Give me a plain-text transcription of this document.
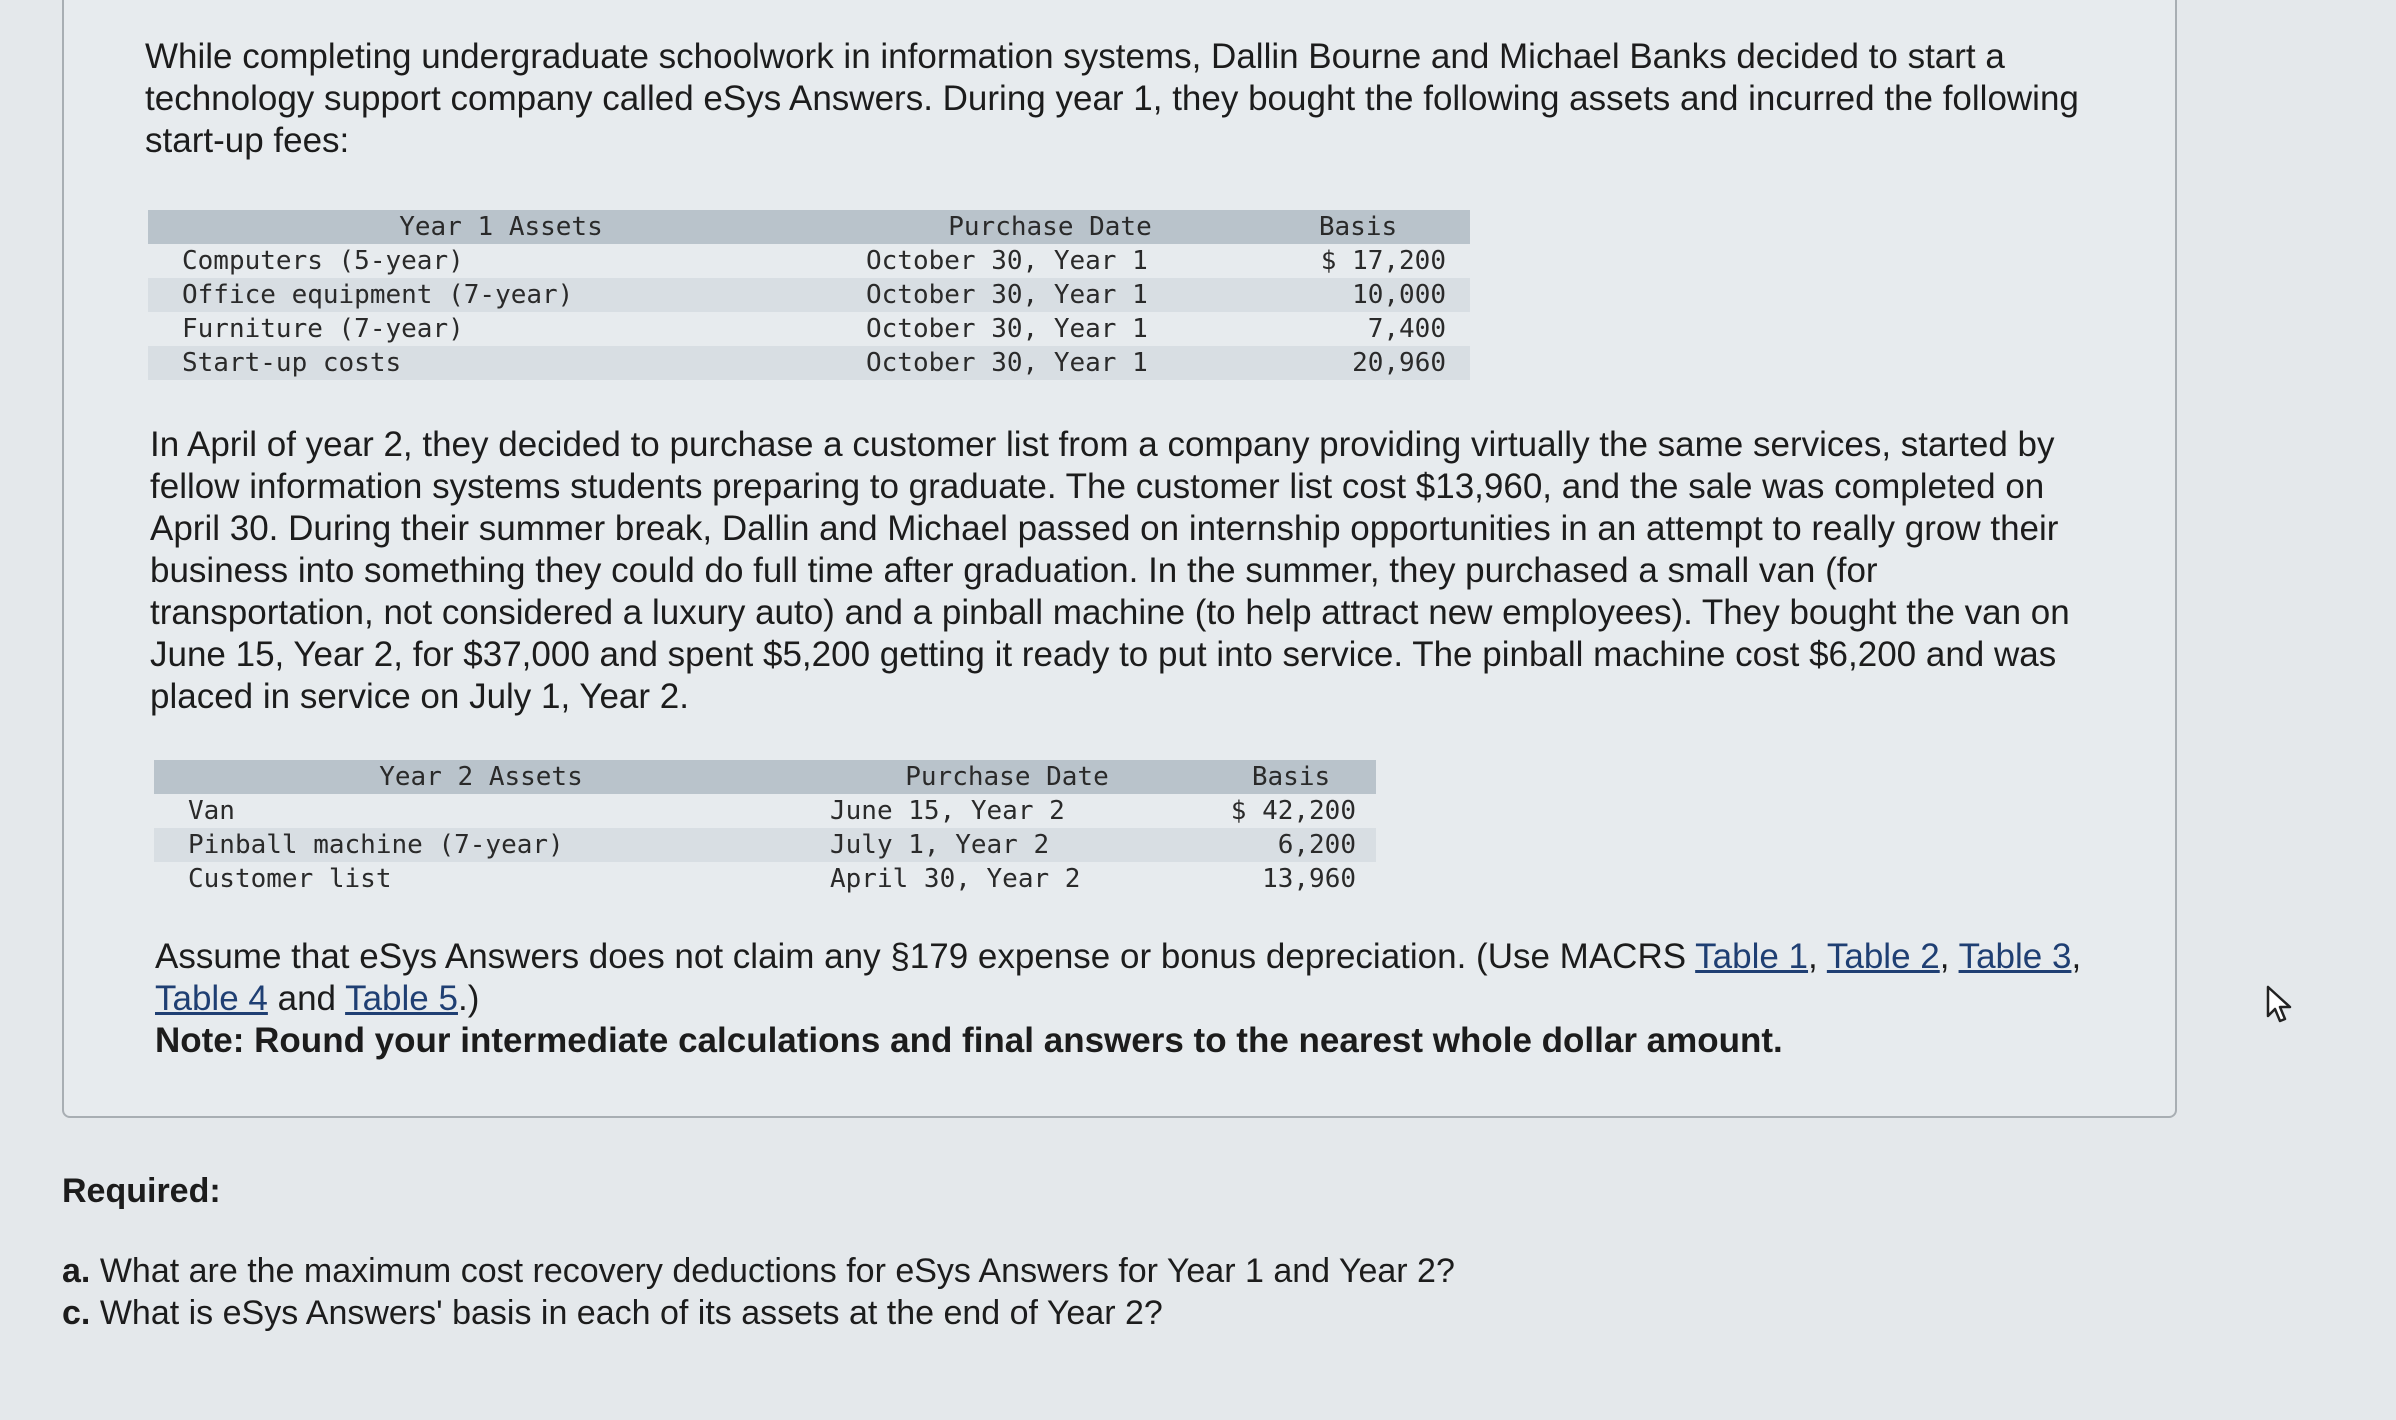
While completing undergraduate schoolwork in information systems, Dallin Bourne and Michael Banks decided to start a technology support company called eSys Answers. During year 1, they bought the following assets and incurred the following start-up fees:

Year 1 Assets	Purchase Date	Basis
Computers (5-year)	October 30, Year 1	$ 17,200
Office equipment (7-year)	October 30, Year 1	10,000
Furniture (7-year)	October 30, Year 1	7,400
Start-up costs	October 30, Year 1	20,960

In April of year 2, they decided to purchase a customer list from a company providing virtually the same services, started by fellow information systems students preparing to graduate. The customer list cost $13,960, and the sale was completed on April 30. During their summer break, Dallin and Michael passed on internship opportunities in an attempt to really grow their business into something they could do full time after graduation. In the summer, they purchased a small van (for transportation, not considered a luxury auto) and a pinball machine (to help attract new employees). They bought the van on June 15, Year 2, for $37,000 and spent $5,200 getting it ready to put into service. The pinball machine cost $6,200 and was placed in service on July 1, Year 2.

Year 2 Assets	Purchase Date	Basis
Van	June 15, Year 2	$ 42,200
Pinball machine (7-year)	July 1, Year 2	6,200
Customer list	April 30, Year 2	13,960
Assume that eSys Answers does not claim any §179 expense or bonus depreciation. (Use MACRS Table 1, Table 2, Table 3, Table 4 and Table 5.)
Note: Round your intermediate calculations and final answers to the nearest whole dollar amount.

Required:

a. What are the maximum cost recovery deductions for eSys Answers for Year 1 and Year 2?
c. What is eSys Answers' basis in each of its assets at the end of Year 2?
